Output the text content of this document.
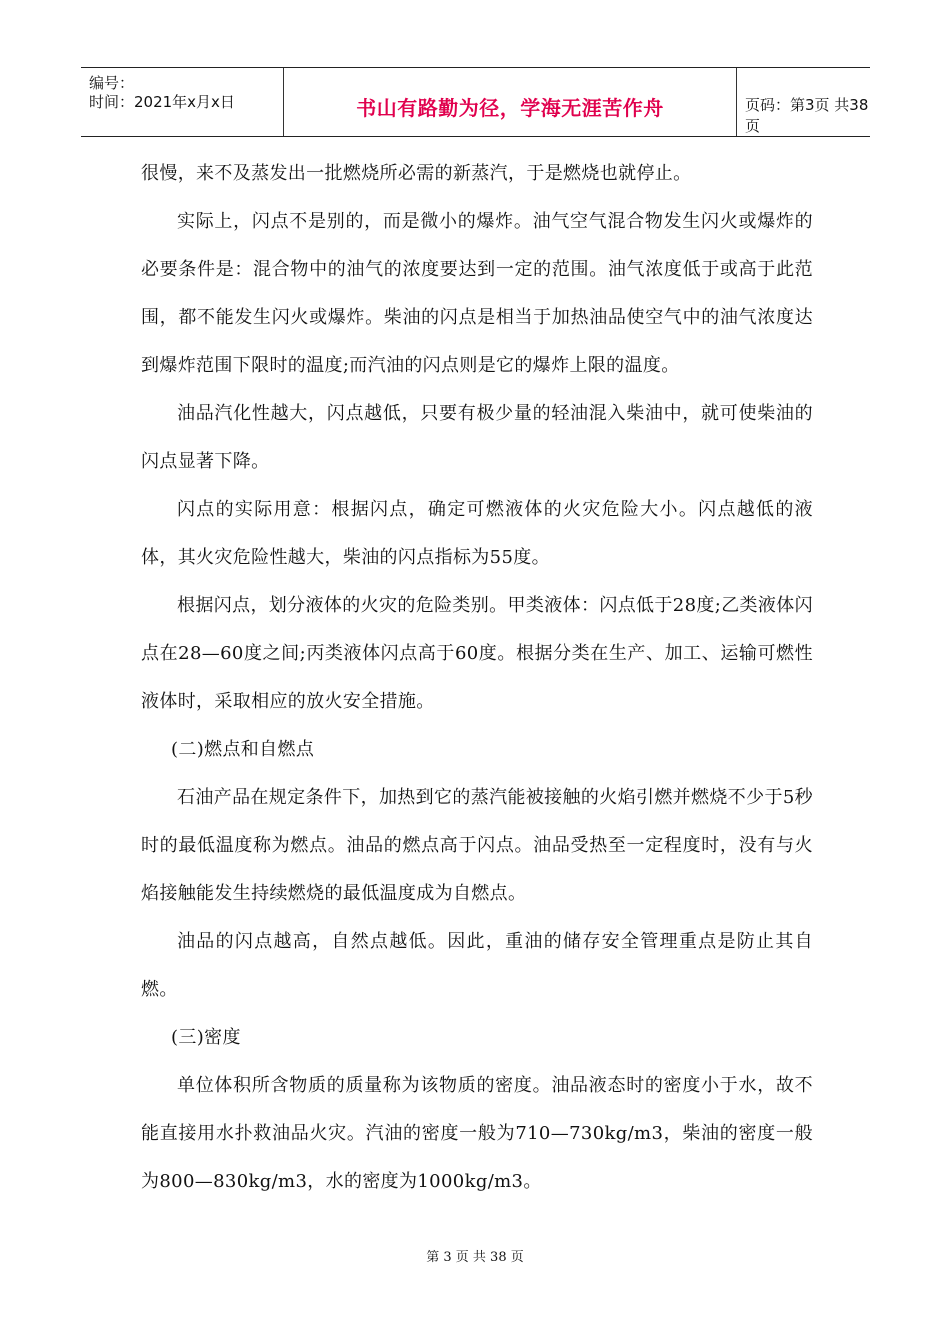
编号：
时间：2021年x月x日	书山有路勤为径，学海无涯苦作舟	页码：第3页 共38页

很慢，来不及蒸发出一批燃烧所必需的新蒸汽，于是燃烧也就停止。

实际上，闪点不是别的，而是微小的爆炸。油气空气混合物发生闪火或爆炸的必要条件是：混合物中的油气的浓度要达到一定的范围。油气浓度低于或高于此范围，都不能发生闪火或爆炸。柴油的闪点是相当于加热油品使空气中的油气浓度达到爆炸范围下限时的温度;而汽油的闪点则是它的爆炸上限的温度。

油品汽化性越大，闪点越低，只要有极少量的轻油混入柴油中，就可使柴油的闪点显著下降。

闪点的实际用意：根据闪点，确定可燃液体的火灾危险大小。闪点越低的液体，其火灾危险性越大，柴油的闪点指标为55度。

根据闪点，划分液体的火灾的危险类别。甲类液体：闪点低于28度;乙类液体闪点在28—60度之间;丙类液体闪点高于60度。根据分类在生产、加工、运输可燃性液体时，采取相应的放火安全措施。

(二)燃点和自燃点

石油产品在规定条件下，加热到它的蒸汽能被接触的火焰引燃并燃烧不少于5秒时的最低温度称为燃点。油品的燃点高于闪点。油品受热至一定程度时，没有与火焰接触能发生持续燃烧的最低温度成为自燃点。

油品的闪点越高，自然点越低。因此，重油的储存安全管理重点是防止其自燃。

(三)密度

单位体积所含物质的质量称为该物质的密度。油品液态时的密度小于水，故不能直接用水扑救油品火灾。汽油的密度一般为710—730kg/m3，柴油的密度一般为800—830kg/m3，水的密度为1000kg/m3。

第 3 页 共 38 页
